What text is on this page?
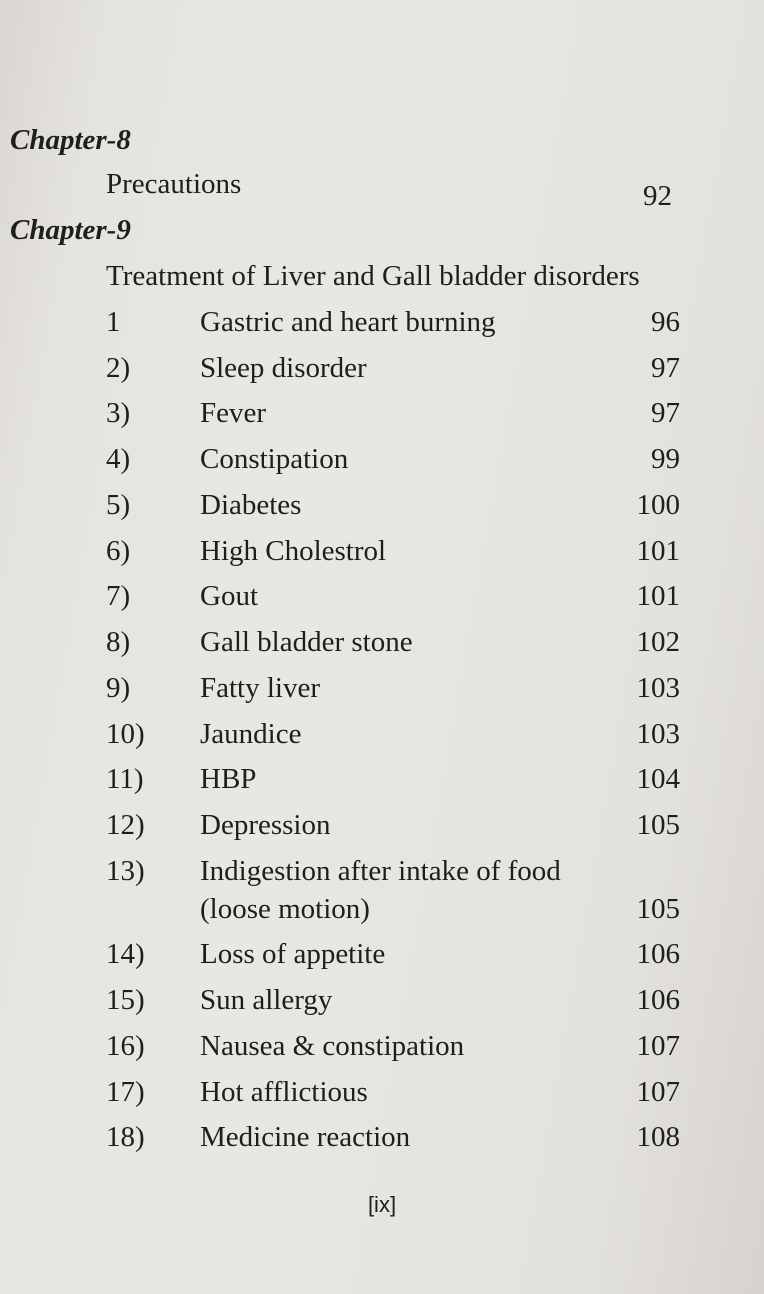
Chapter-8
Precautions	92
Chapter-9
Treatment of Liver and Gall bladder disorders
1	Gastric and heart burning	96
2) Sleep disorder	97
3) Fever	97
4) Constipation	99
5) Diabetes	100
6) High Cholestrol	101
7) Gout	101
8) Gall bladder stone	102
9) Fatty liver	103
10) Jaundice	103
11) HBP	104
12) Depression	105
13) Indigestion after intake of food
(loose motion)	105
14) Loss of appetite	106
15) Sun allergy	106
16) Nausea & constipation	107
17) Hot afflictious	107
18) Medicine reaction	108
[ix]
